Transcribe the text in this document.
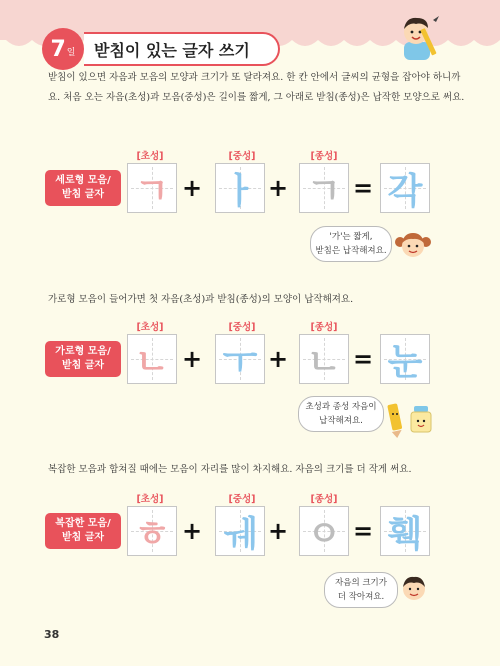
받침이 있는 글자 쓰기
7 일

받침이 있으면 자음과 모음의 모양과 크기가 또 달라져요. 한 칸 안에서 글씨의 균형을 잡아야 하니까요. 처음 오는 자음(초성)과 모음(중성)은 길이를 짧게, 그 아래로 받침(종성)은 납작한 모양으로 써요.

[초성]	[중성]	[종성]
세로형 모음/
받침 글자 ㄱ + ㅏ + ㄱ = 각
'가'는 짧게,
받침은 납작해져요.

가로형 모음이 들어가면 첫 자음(초성)과 받침(종성)의 모양이 납작해져요.

[초성]	[중성]	[종성]
가로형 모음/
받침 글자 ㄴ + ㅜ + ㄴ = 눈
초성과 종성 자음이
납작해져요.

복잡한 모음과 합쳐질 때에는 모음이 자리를 많이 차지해요. 자음의 크기를 더 작게 써요.

[초성]	[중성]	[종성]
복잡한 모음/
받침 글자 ㅎ + ㅞ + ㅇ = 훽
자음의 크기가
더 작아져요.
38
